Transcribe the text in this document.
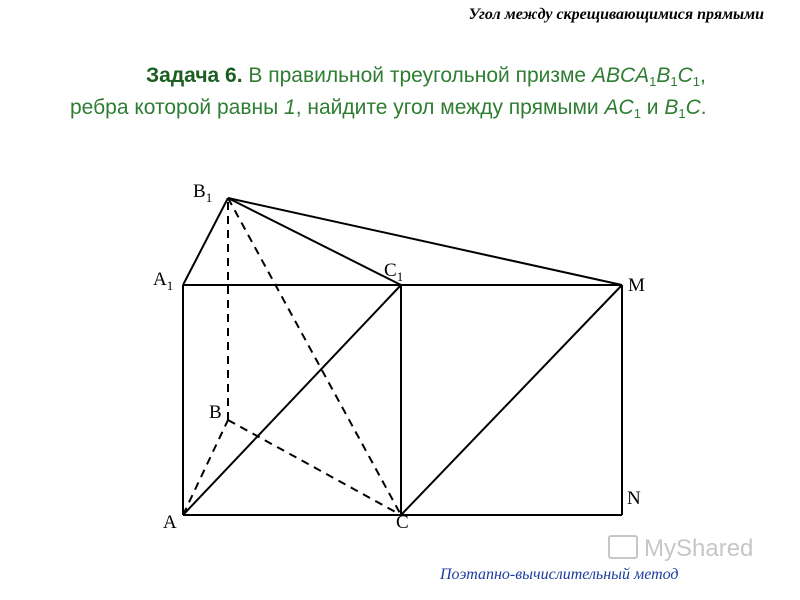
Угол между скрещивающимися прямыми
Задача 6. В правильной треугольной призме $ABCA_1B_1C_1$, ребра которой равны 1, найдите угол между прямыми $AC_1$ и $B_1C$.
$B_1$
$A_1$
$C_1$	M
B
A	C
N
MyShared
Поэтапно-вычислительный метод
